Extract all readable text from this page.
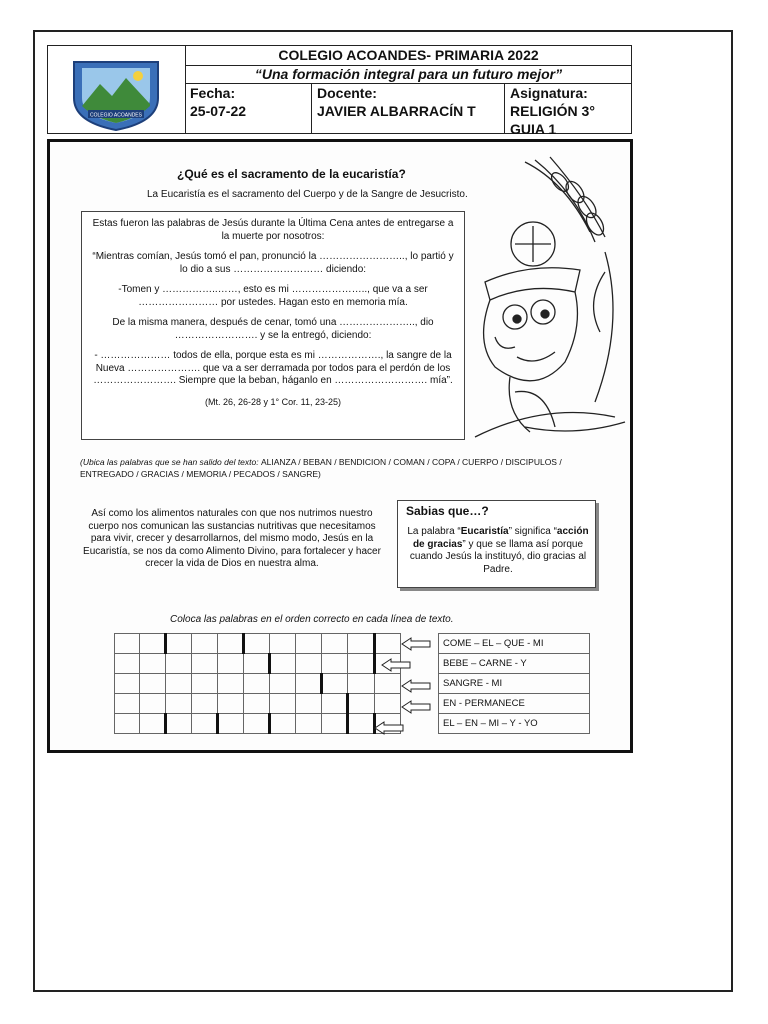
COLEGIO ACOANDES
COLEGIO ACOANDES- PRIMARIA 2022
“Una formación integral para un futuro mejor”
Fecha:
25-07-22
Docente:
JAVIER ALBARRACÍN T
Asignatura:
RELIGIÓN 3°
GUIA 1
¿Qué es el sacramento de la eucaristía?
La Eucaristía es el sacramento del Cuerpo y de la Sangre de Jesucristo.

Estas fueron las palabras de Jesús durante la Última Cena antes de entregarse a la muerte por nosotros:

“Mientras comían, Jesús tomó el pan, pronunció la …………………….., lo partió y lo dio a sus ……………………… diciendo:

-Tomen y ……………..……, esto es mi ………………….., que va a ser …………………… por ustedes. Hagan esto en memoria mía.

De la misma manera, después de cenar, tomó una ………………….., dio ……………………. y se la entregó, diciendo:

- ………………… todos de ella, porque esta es mi ………………., la sangre de la Nueva …………………. que va a ser derramada por todos para el perdón de los ……………………. Siempre que la beban, háganlo en ………………………. mía”.

(Mt. 26, 26-28 y 1° Cor. 11, 23-25)

(Ubica las palabras que se han salido del texto: ALIANZA / BEBAN / BENDICION / COMAN / COPA / CUERPO / DISCIPULOS / ENTREGADO / GRACIAS / MEMORIA / PECADOS / SANGRE)
Así como los alimentos naturales con que nos nutrimos nuestro cuerpo nos comunican las sustancias nutritivas que necesitamos para vivir, crecer y desarrollarnos, del mismo modo, Jesús en la Eucaristía, se nos da como Alimento Divino, para fortalecer y hacer crecer la vida de Dios en nuestra alma.
Sabias que…?
La palabra “Eucaristía” significa “acción de gracias” y que se llama así porque cuando Jesús la instituyó, dio gracias al Padre.
Coloca las palabras en el orden correcto en cada línea de texto.

COME – EL – QUE - MI
BEBE – CARNE - Y
SANGRE - MI
EN - PERMANECE
EL – EN – MI – Y - YO
